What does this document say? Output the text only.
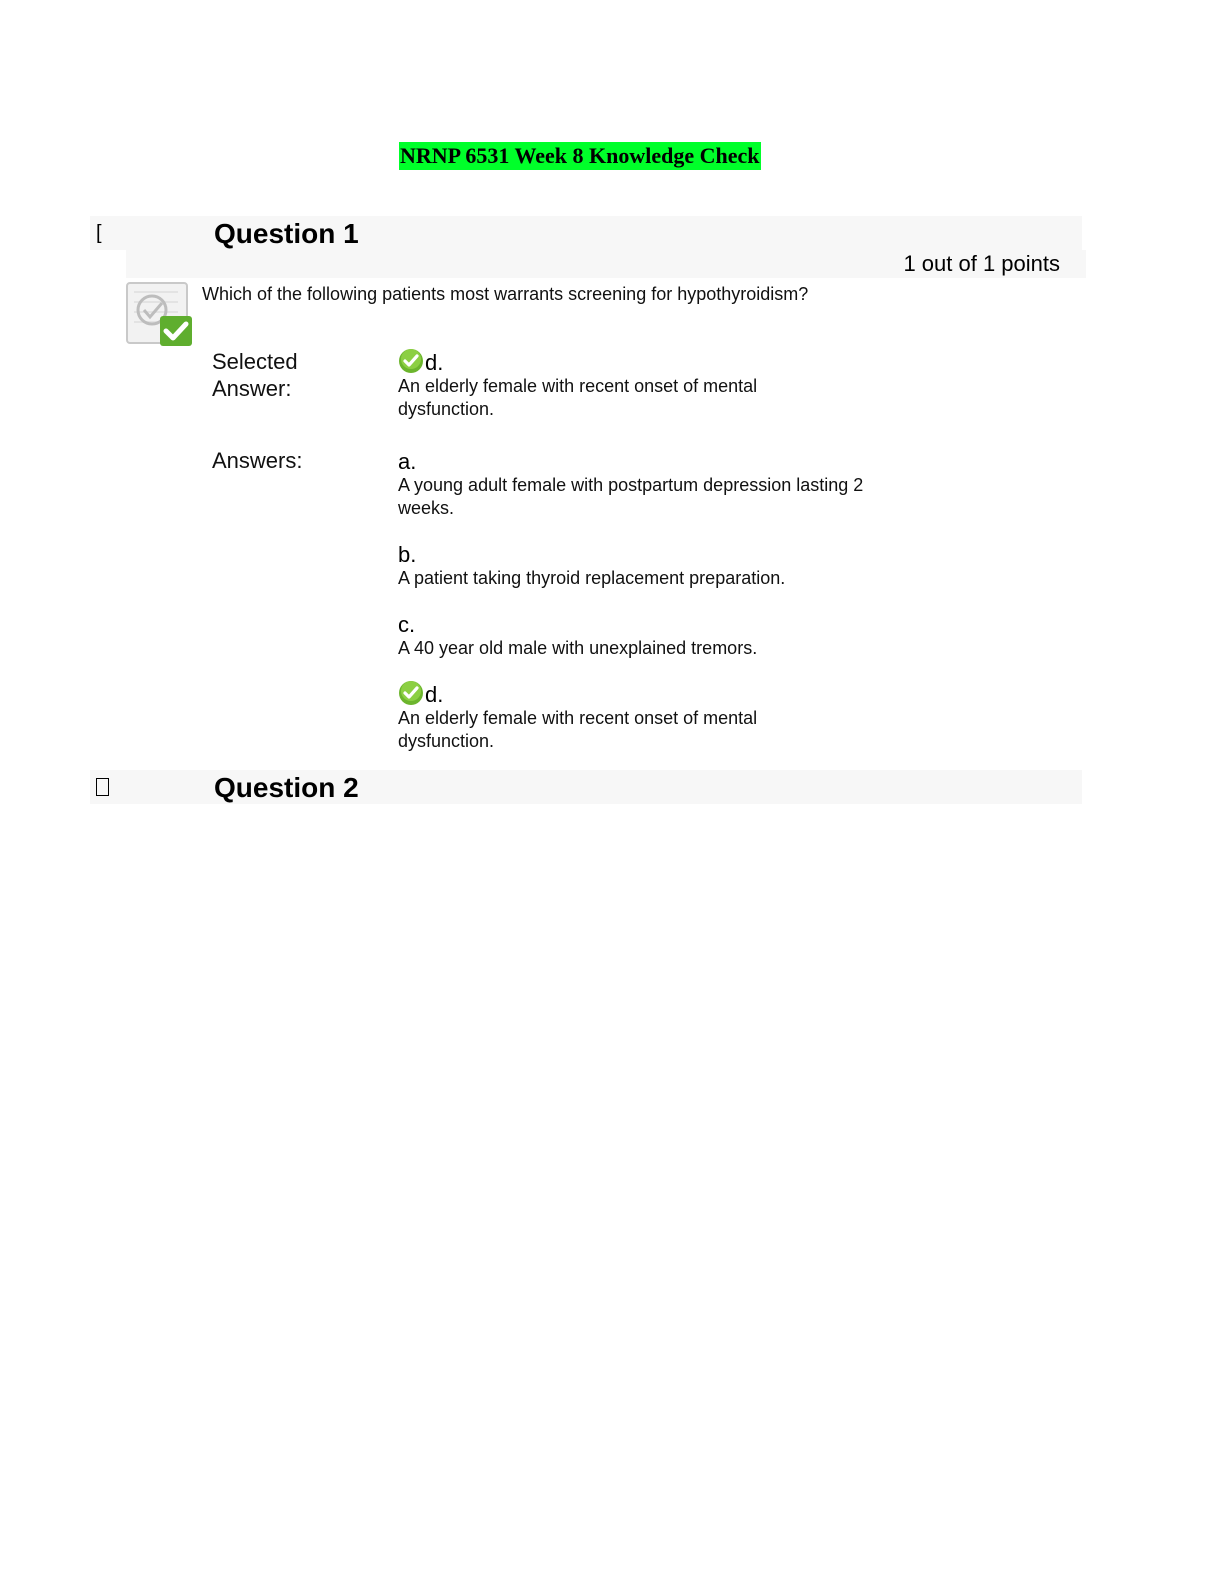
NRNP 6531 Week 8 Knowledge Check
[	Question 1
1 out of 1 points
Which of the following patients most warrants screening for hypothyroidism?
Selected
Answer:
d.
An elderly female with recent onset of mental dysfunction.
Answers:	a.
A young adult female with postpartum depression lasting 2 weeks.
b.
A patient taking thyroid replacement preparation.
c.
A 40 year old male with unexplained tremors.
d.
An elderly female with recent onset of mental dysfunction.
Question 2
